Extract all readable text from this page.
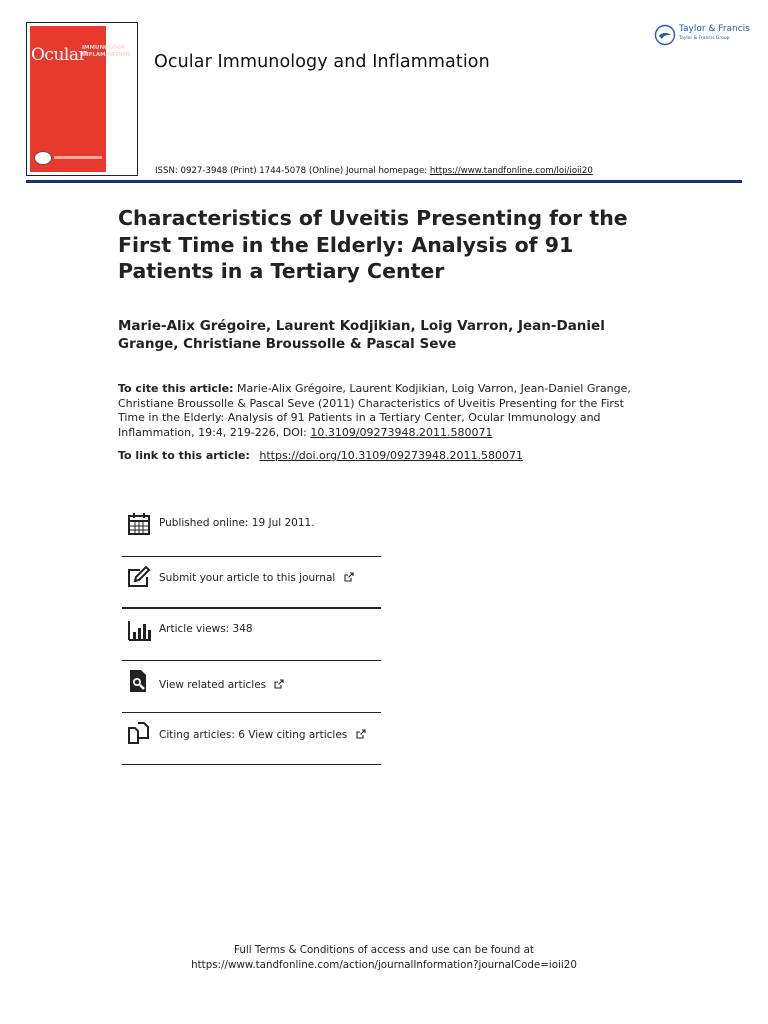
Ocular
IMMUNOLOGY
INFLAMMATION	Ocular Immunology and Inflammation
ISSN: 0927-3948 (Print) 1744-5078 (Online) Journal homepage: https://www.tandfonline.com/loi/ioii20
Taylor & Francis
Taylor & Francis Group
Characteristics of Uveitis Presenting for the First Time in the Elderly: Analysis of 91 Patients in a Tertiary Center
Marie-Alix Grégoire, Laurent Kodjikian, Loig Varron, Jean-Daniel Grange, Christiane Broussolle & Pascal Seve
To cite this article: Marie-Alix Grégoire, Laurent Kodjikian, Loig Varron, Jean-Daniel Grange, Christiane Broussolle & Pascal Seve (2011) Characteristics of Uveitis Presenting for the First Time in the Elderly: Analysis of 91 Patients in a Tertiary Center, Ocular Immunology and Inflammation, 19:4, 219-226, DOI: 10.3109/09273948.2011.580071
To link to this article: https://doi.org/10.3109/09273948.2011.580071
Published online: 19 Jul 2011.
Submit your article to this journal
Article views: 348
View related articles
Citing articles: 6 View citing articles
Full Terms & Conditions of access and use can be found at
https://www.tandfonline.com/action/journalInformation?journalCode=ioii20
